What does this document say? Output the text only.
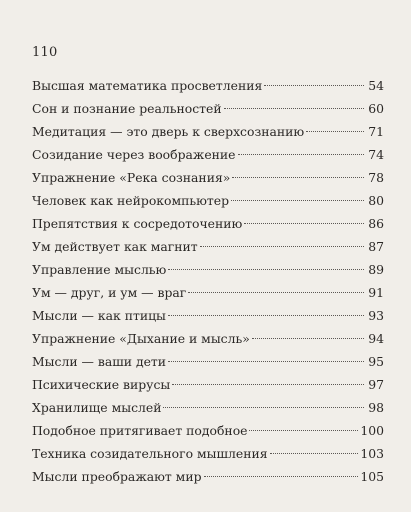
110
Высшая математика просветления	54
Сон и познание реальностей	60
Медитация — это дверь к сверхсознанию	71
Созидание через воображение	74
Упражнение «Река сознания»	78
Человек как нейрокомпьютер	80
Препятствия к сосредоточению	86
Ум действует как магнит	87
Управление мыслью	89
Ум — друг, и ум — враг	91
Мысли — как птицы	93
Упражнение «Дыхание и мысль»	94
Мысли — ваши дети	95
Психические вирусы	97
Хранилище мыслей	98
Подобное притягивает подобное	100
Техника созидательного мышления	103
Мысли преображают мир	105
